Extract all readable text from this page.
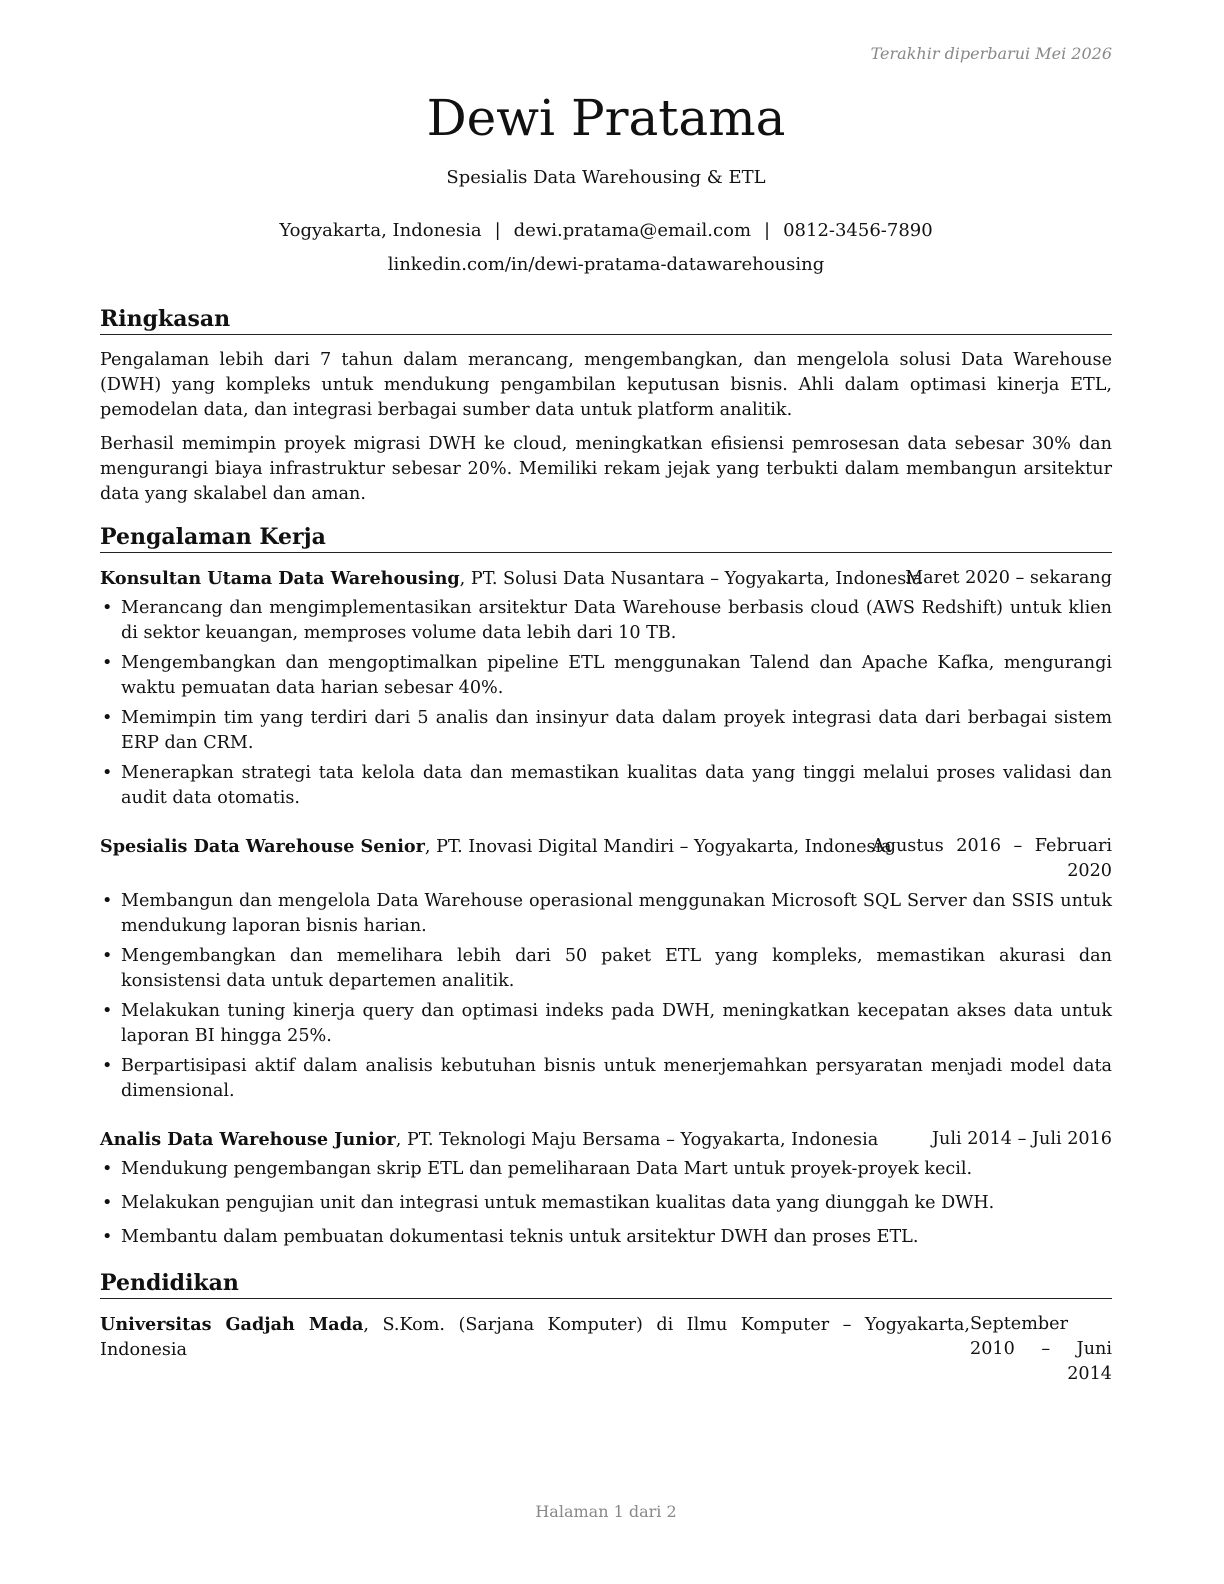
Terakhir diperbarui Mei 2026
Dewi Pratama
Spesialis Data Warehousing & ETL
Yogyakarta, Indonesia | dewi.pratama@email.com | 0812-3456-7890
linkedin.com/in/dewi-pratama-datawarehousing
Ringkasan

Pengalaman lebih dari 7 tahun dalam merancang, mengembangkan, dan mengelola solusi Data Warehouse (DWH) yang kompleks untuk mendukung pengambilan keputusan bisnis. Ahli dalam optimasi kinerja ETL, pemodelan data, dan integrasi berbagai sumber data untuk platform analitik.

Berhasil memimpin proyek migrasi DWH ke cloud, meningkatkan efisiensi pemrosesan data sebesar 30% dan mengurangi biaya infrastruktur sebesar 20%. Memiliki rekam jejak yang terbukti dalam membangun arsitektur data yang skalabel dan aman.

Pengalaman Kerja
Konsultan Utama Data Warehousing, PT. Solusi Data Nusantara – Yogyakarta, Indonesia
Maret 2020 – sekarang
• Merancang dan mengimplementasikan arsitektur Data Warehouse berbasis cloud (AWS Redshift) untuk klien di sektor keuangan, memproses volume data lebih dari 10 TB.
• Mengembangkan dan mengoptimalkan pipeline ETL menggunakan Talend dan Apache Kafka, mengurangi waktu pemuatan data harian sebesar 40%.
• Memimpin tim yang terdiri dari 5 analis dan insinyur data dalam proyek integrasi data dari berbagai sistem ERP dan CRM.
• Menerapkan strategi tata kelola data dan memastikan kualitas data yang tinggi melalui proses validasi dan audit data otomatis.
Spesialis Data Warehouse Senior, PT. Inovasi Digital Mandiri – Yogyakarta, Indonesia
Agustus 2016 – Februari 2020
• Membangun dan mengelola Data Warehouse operasional menggunakan Microsoft SQL Server dan SSIS untuk mendukung laporan bisnis harian.
• Mengembangkan dan memelihara lebih dari 50 paket ETL yang kompleks, memastikan akurasi dan konsistensi data untuk departemen analitik.
• Melakukan tuning kinerja query dan optimasi indeks pada DWH, meningkatkan kecepatan akses data untuk laporan BI hingga 25%.
• Berpartisipasi aktif dalam analisis kebutuhan bisnis untuk menerjemahkan persyaratan menjadi model data dimensional.
Analis Data Warehouse Junior, PT. Teknologi Maju Bersama – Yogyakarta, Indonesia	Juli 2014 – Juli 2016
• Mendukung pengembangan skrip ETL dan pemeliharaan Data Mart untuk proyek-proyek kecil.
• Melakukan pengujian unit dan integrasi untuk memastikan kualitas data yang diunggah ke DWH.
• Membantu dalam pembuatan dokumentasi teknis untuk arsitektur DWH dan proses ETL.
Pendidikan
Universitas Gadjah Mada, S.Kom. (Sarjana Komputer) di Ilmu Komputer – Yogyakarta, Indonesia
September 2010 – Juni 2014
Halaman 1 dari 2
